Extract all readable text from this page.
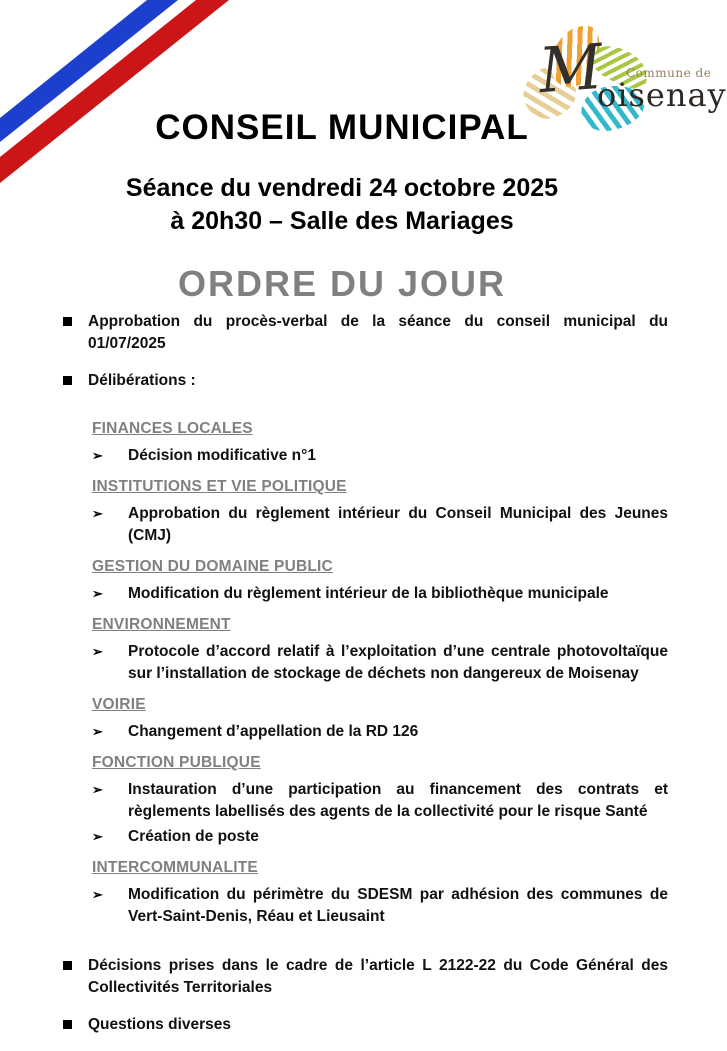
M Commune de
oisenay
CONSEIL MUNICIPAL

Séance du vendredi 24 octobre 2025
à 20h30 – Salle des Mariages

ORDRE DU JOUR
Approbation du procès-verbal de la séance du conseil municipal du 01/07/2025
Délibérations :
FINANCES LOCALES
➢	Décision modificative n°1
INSTITUTIONS ET VIE POLITIQUE
➢	Approbation du règlement intérieur du Conseil Municipal des Jeunes (CMJ)
GESTION DU DOMAINE PUBLIC
➢	Modification du règlement intérieur de la bibliothèque municipale
ENVIRONNEMENT
➢	Protocole d’accord relatif à l’exploitation d’une centrale photovoltaïque sur l’installation de stockage de déchets non dangereux de Moisenay
VOIRIE
➢	Changement d’appellation de la RD 126
FONCTION PUBLIQUE
➢	Instauration d’une participation au financement des contrats et règlements labellisés des agents de la collectivité pour le risque Santé
➢	Création de poste
INTERCOMMUNALITE
➢	Modification du périmètre du SDESM par adhésion des communes de Vert-Saint-Denis, Réau et Lieusaint
Décisions prises dans le cadre de l’article L 2122-22 du Code Général des Collectivités Territoriales
Questions diverses
